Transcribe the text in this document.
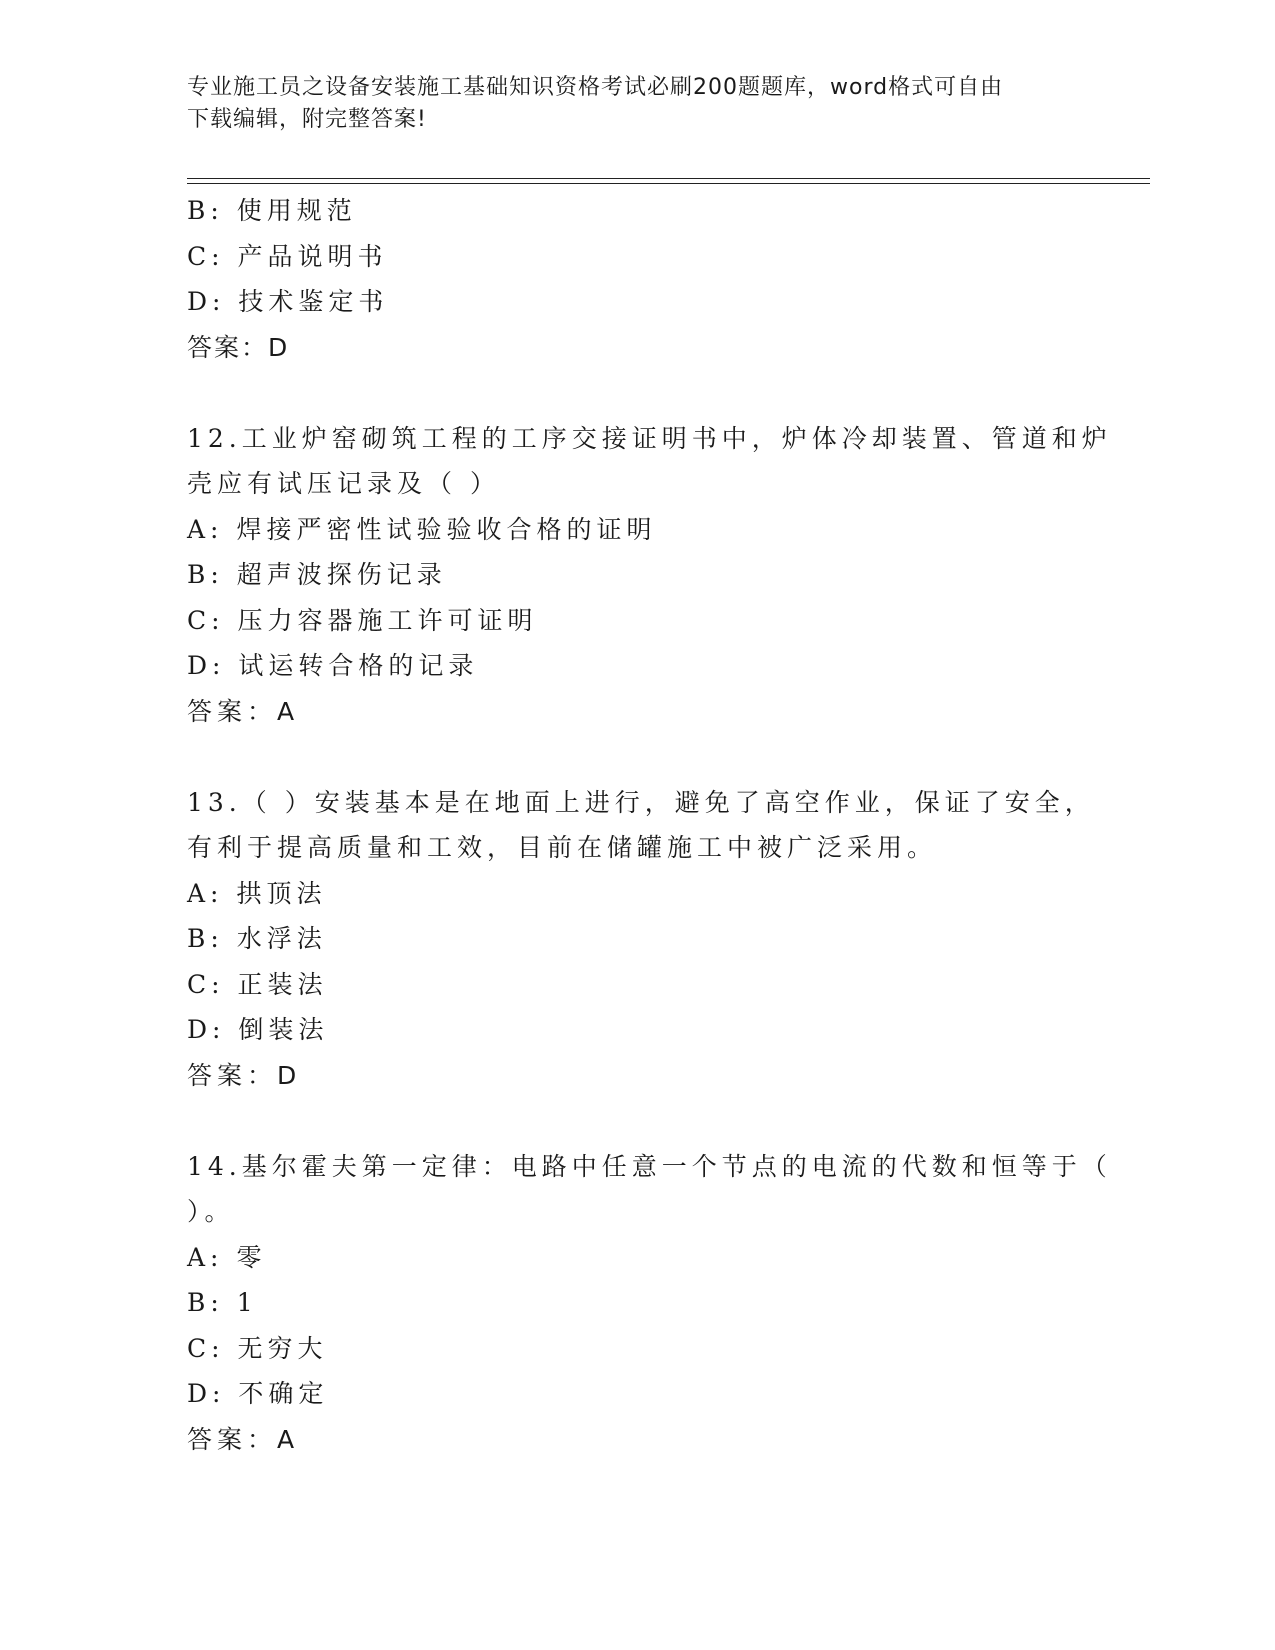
专业施工员之设备安装施工基础知识资格考试必刷200题题库，word格式可自由
下载编辑，附完整答案!
B: 使用规范
C: 产品说明书
D: 技术鉴定书
答案：D
12.工业炉窑砌筑工程的工序交接证明书中，炉体冷却装置、管道和炉
壳应有试压记录及（ ）
A: 焊接严密性试验验收合格的证明
B: 超声波探伤记录
C: 压力容器施工许可证明
D: 试运转合格的记录
答案：A
13.（ ）安装基本是在地面上进行，避免了高空作业，保证了安全，
有利于提高质量和工效，目前在储罐施工中被广泛采用。
A: 拱顶法
B: 水浮法
C: 正装法
D: 倒装法
答案：D
14.基尔霍夫第一定律：电路中任意一个节点的电流的代数和恒等于（
）。
A: 零
B: 1
C: 无穷大
D: 不确定
答案：A
